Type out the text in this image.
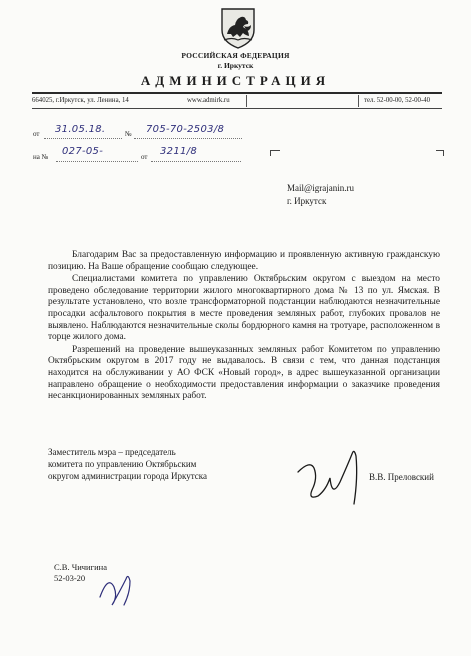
РОССИЙСКАЯ ФЕДЕРАЦИЯ
г. Иркутск
АДМИНИСТРАЦИЯ
664025, г.Иркутск, ул. Ленина, 14	www.admirk.ru	тел. 52-00-00, 52-00-40
от 31.05.18.	№ 705-70-2503/8
на № 027-05-	от 3211/8
Mail@igrajanin.ru
г. Иркутск

Благодарим Вас за предоставленную информацию и проявленную активную гражданскую позицию. На Ваше обращение сообщаю следующее.

Специалистами комитета по управлению Октябрьским округом с выездом на место проведено обследование территории жилого многоквартирного дома № 13 по ул. Ямская. В результате установлено, что возле трансформаторной подстанции наблюдаются незначительные просадки асфальтового покрытия в месте проведения земляных работ, глубоких провалов не выявлено. Наблюдаются незначительные сколы бордюрного камня на тротуаре, расположенном в торце жилого дома.

Разрешений на проведение вышеуказанных земляных работ Комитетом по управлению Октябрьским округом в 2017 году не выдавалось. В связи с тем, что данная подстанция находится на обслуживании у АО ФСК «Новый город», в адрес вышеуказанной организации направлено обращение о необходимости предоставления информации о заказчике проведения несанкционированных земляных работ.

Заместитель мэра – председатель
комитета по управлению Октябрьским
округом администрации города Иркутска	В.В. Преловский
С.В. Чичигина
52-03-20
